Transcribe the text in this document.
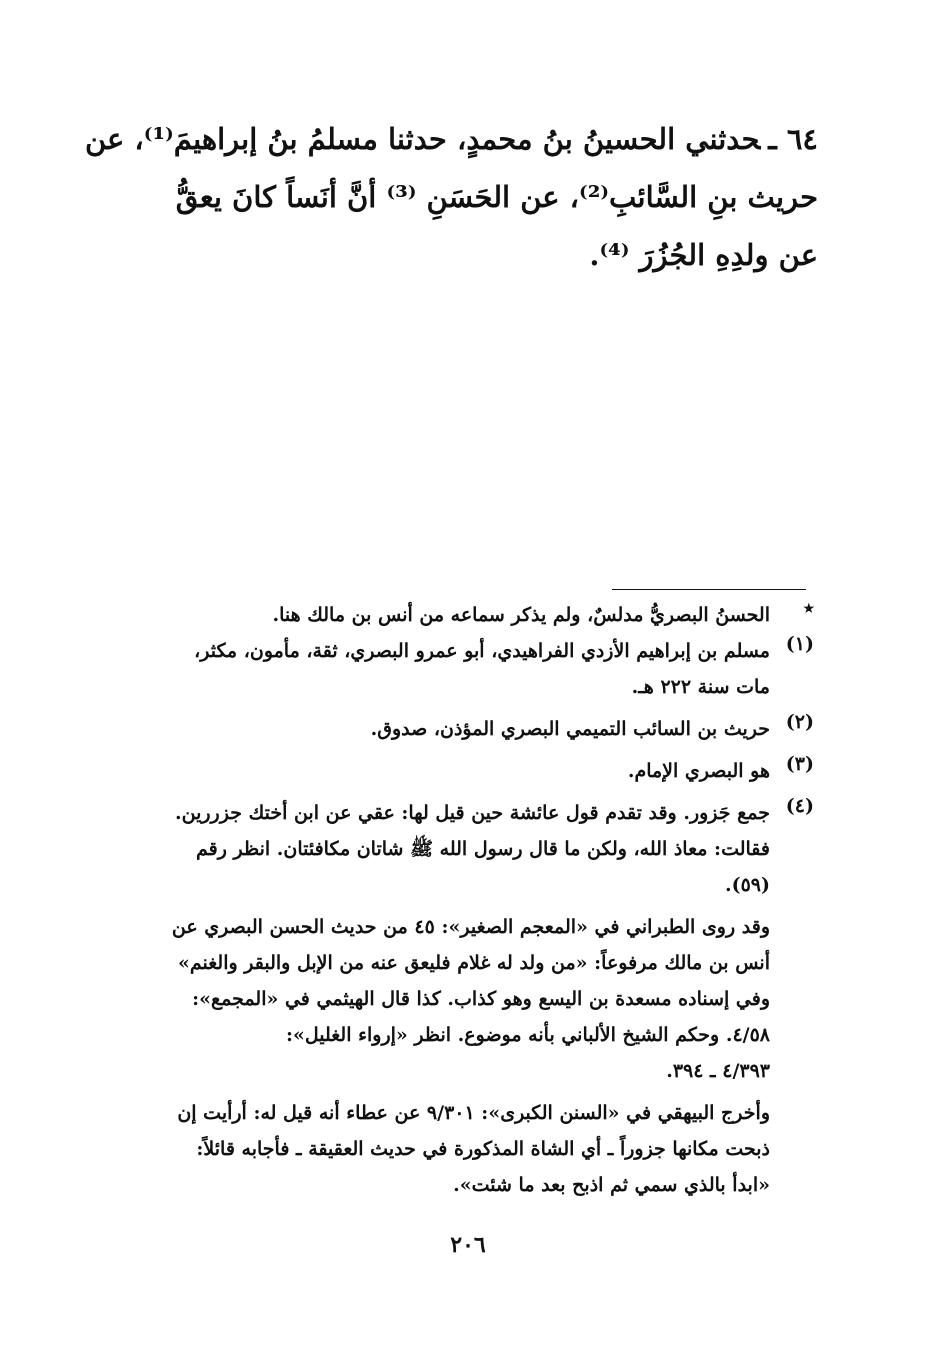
٦٤ ـحدثني الحسينُ بنُ محمدٍ، حدثنا مسلمُ بنُ إبراهيمَ⁽¹⁾، عن
حريث بنِ السَّائبِ⁽²⁾، عن الحَسَنِ ⁽³⁾ أنَّ أنَساً كانَ يعقُّ
عن ولدِهِ الجُزُرَ ⁽⁴⁾.
٭
الحسنُ البصريُّ مدلسٌ، ولم يذكر سماعه من أنس بن مالك هنا.
(١)
مسلم بن إبراهيم الأزدي الفراهيدي، أبو عمرو البصري، ثقة، مأمون، مكثر،
مات سنة ٢٢٢ هـ.
(٢)
حريث بن السائب التميمي البصري المؤذن، صدوق.
(٣)
هو البصري الإمام.
(٤)
جمع جَزور. وقد تقدم قول عائشة حين قيل لها: عقي عن ابن أختك جزررين.
فقالت: معاذ الله، ولكن ما قال رسول الله ﷺ شاتان مكافئتان. انظر رقم
(٥٩).
وقد روى الطبراني في «المعجم الصغير»: ٤٥ من حديث الحسن البصري عن
أنس بن مالك مرفوعاً: «من ولد له غلام فليعق عنه من الإبل والبقر والغنم»
وفي إسناده مسعدة بن اليسع وهو كذاب. كذا قال الهيثمي في «المجمع»:
٤/٥٨. وحكم الشيخ الألباني بأنه موضوع. انظر «إرواء الغليل»:
٤/٣٩٣ ـ ٣٩٤.
وأخرج البيهقي في «السنن الكبرى»: ٩/٣٠١ عن عطاء أنه قيل له: أرأيت إن
ذبحت مكانها جزوراً ـ أي الشاة المذكورة في حديث العقيقة ـ فأجابه قائلاً:
«ابدأ بالذي سمي ثم اذبح بعد ما شئت».
٢٠٦
